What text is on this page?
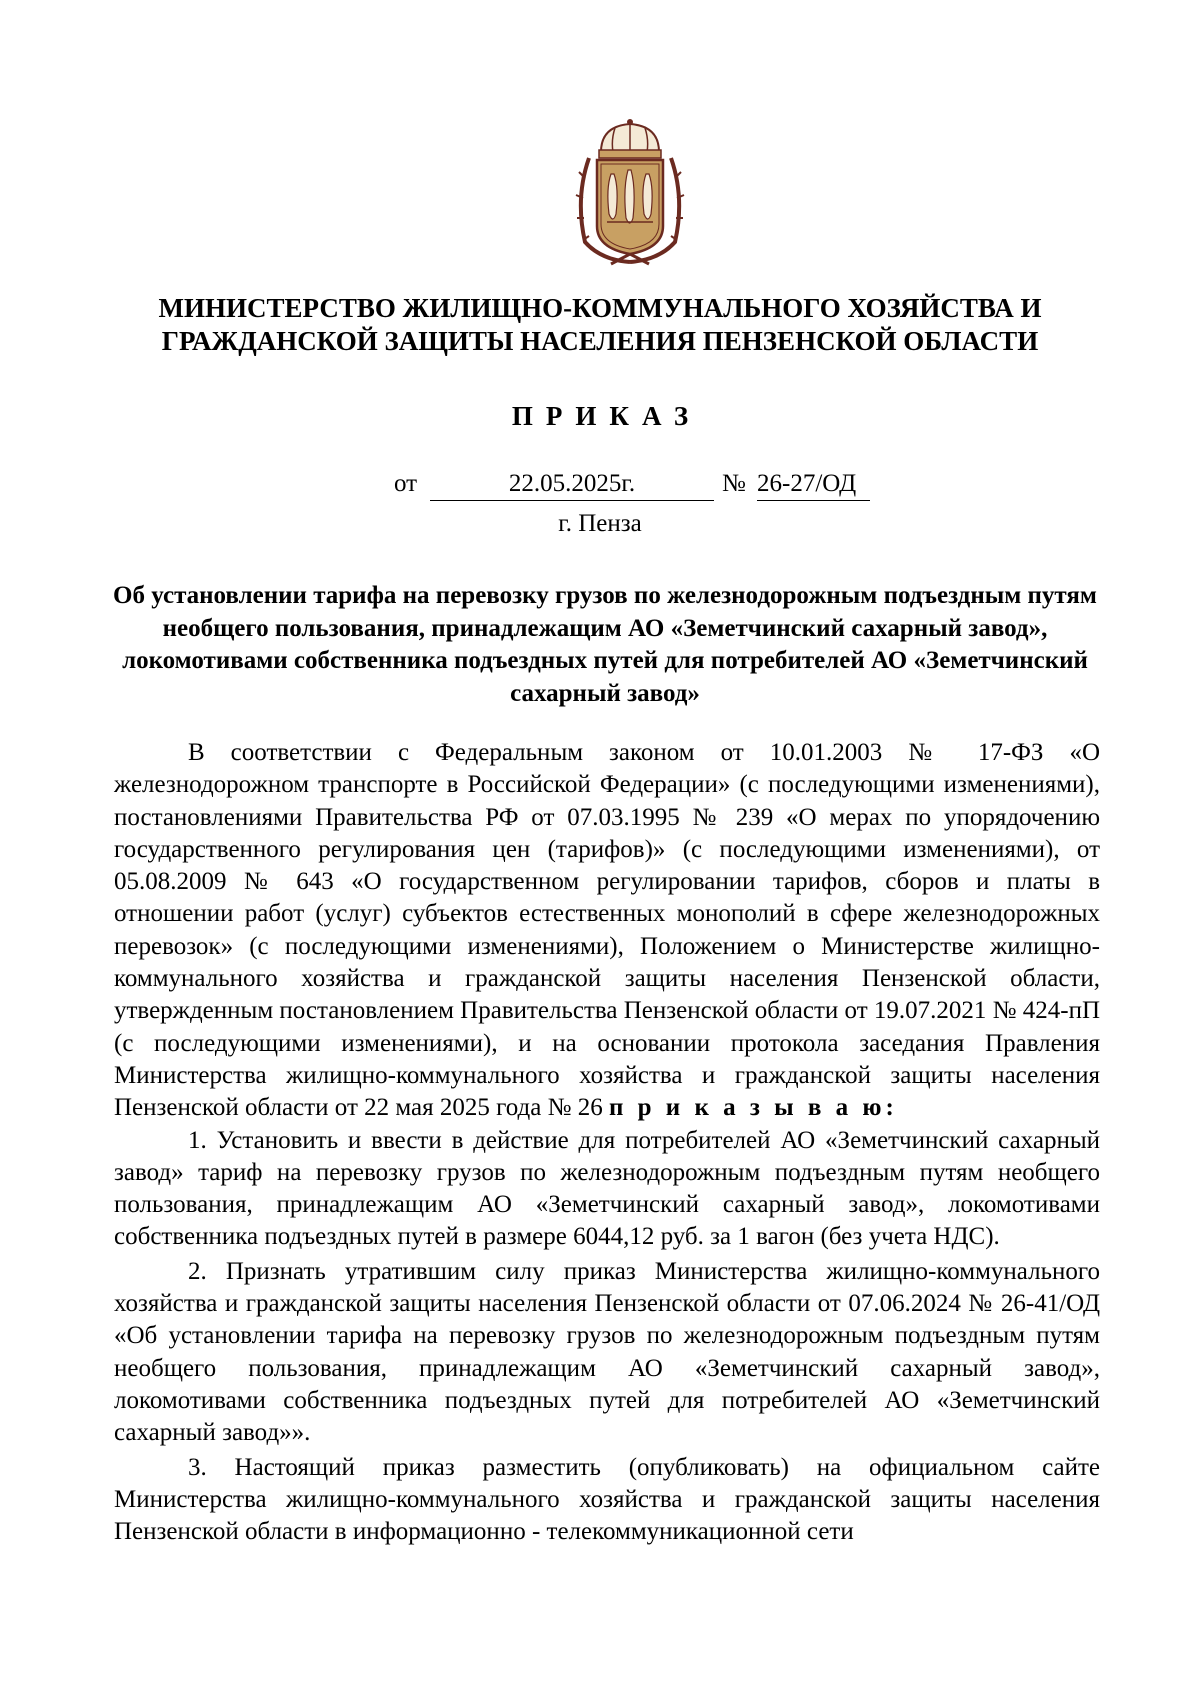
МИНИСТЕРСТВО ЖИЛИЩНО-КОММУНАЛЬНОГО ХОЗЯЙСТВА И
ГРАЖДАНСКОЙ ЗАЩИТЫ НАСЕЛЕНИЯ ПЕНЗЕНСКОЙ ОБЛАСТИ
ПРИКАЗ
от	22.05.2025г.	№ 26-27/ОД
г. Пенза
Об установлении тарифа на перевозку грузов по железнодорожным подъездным путям необщего пользования, принадлежащим АО «Земетчинский сахарный завод», локомотивами собственника подъездных путей для потребителей АО «Земетчинский сахарный завод»

В соответствии с Федеральным законом от 10.01.2003 № 17-ФЗ «О железнодорожном транспорте в Российской Федерации» (с последующими изменениями), постановлениями Правительства РФ от 07.03.1995 № 239 «О мерах по упорядочению государственного регулирования цен (тарифов)» (с последующими изменениями), от 05.08.2009 № 643 «О государственном регулировании тарифов, сборов и платы в отношении работ (услуг) субъектов естественных монополий в сфере железнодорожных перевозок» (с последующими изменениями), Положением о Министерстве жилищно-коммунального хозяйства и гражданской защиты населения Пензенской области, утвержденным постановлением Правительства Пензенской области от 19.07.2021 № 424-пП (с последующими изменениями), и на основании протокола заседания Правления Министерства жилищно-коммунального хозяйства и гражданской защиты населения Пензенской области от 22 мая 2025 года № 26 п р и к а з ы в а ю:

1. Установить и ввести в действие для потребителей АО «Земетчинский сахарный завод» тариф на перевозку грузов по железнодорожным подъездным путям необщего пользования, принадлежащим АО «Земетчинский сахарный завод», локомотивами собственника подъездных путей в размере 6044,12 руб. за 1 вагон (без учета НДС).

2. Признать утратившим силу приказ Министерства жилищно-коммунального хозяйства и гражданской защиты населения Пензенской области от 07.06.2024 № 26-41/ОД «Об установлении тарифа на перевозку грузов по железнодорожным подъездным путям необщего пользования, принадлежащим АО «Земетчинский сахарный завод», локомотивами собственника подъездных путей для потребителей АО «Земетчинский сахарный завод»».

3. Настоящий приказ разместить (опубликовать) на официальном сайте Министерства жилищно-коммунального хозяйства и гражданской защиты населения Пензенской области в информационно - телекоммуникационной сети
